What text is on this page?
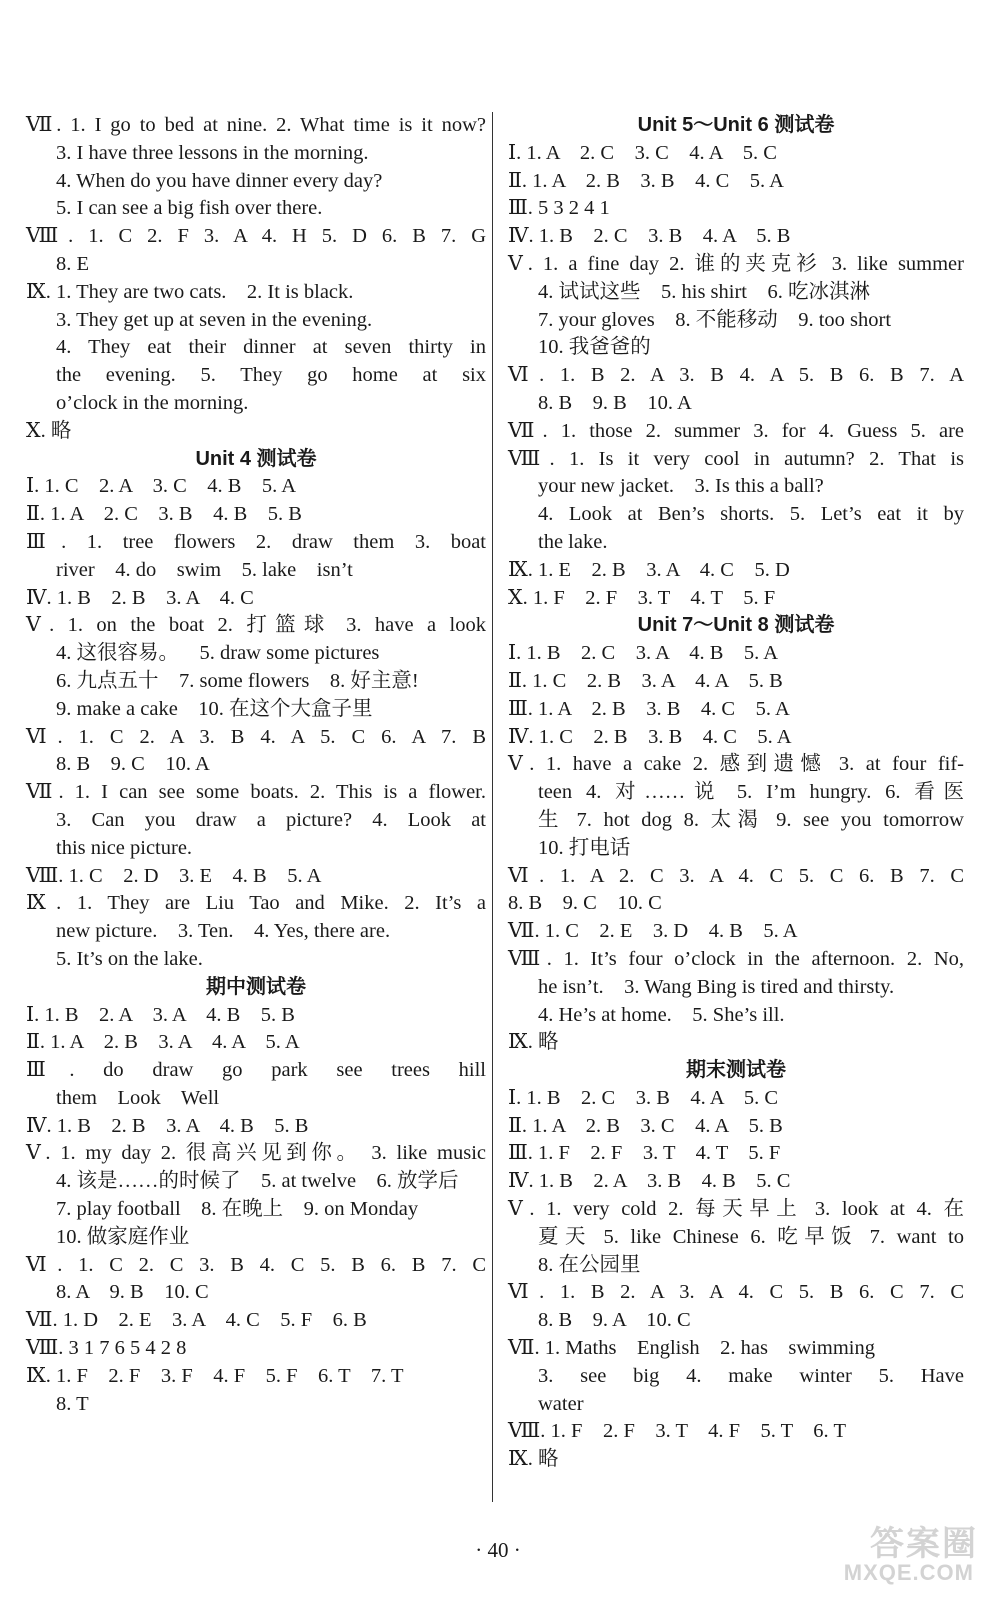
Ⅶ. 1. I go to bed at nine. 2. What time is it now?
3. I have three lessons in the morning.
4. When do you have dinner every day?
5. I can see a big fish over there.
Ⅷ. 1. C 2. F 3. A 4. H 5. D 6. B 7. G
8. E
Ⅸ. 1. They are two cats.    2. It is black.
3. They get up at seven in the evening.
4. They eat their dinner at seven thirty in
the evening. 5. They go home at six
o’clock in the morning.
Ⅹ. 略
Unit 4 测试卷
Ⅰ. 1. C    2. A    3. C    4. B    5. A
Ⅱ. 1. A    2. C    3. B    4. B    5. B
Ⅲ. 1. tree flowers 2. draw them 3. boat
river    4. do    swim    5. lake    isn’t
Ⅳ. 1. B    2. B    3. A    4. C
Ⅴ. 1. on the boat 2. 打篮球 3. have a look
4. 这很容易。    5. draw some pictures
6. 九点五十    7. some flowers    8. 好主意!
9. make a cake    10. 在这个大盒子里
Ⅵ. 1. C 2. A 3. B 4. A 5. C 6. A 7. B
8. B    9. C    10. A
Ⅶ. 1. I can see some boats. 2. This is a flower.
3. Can you draw a picture? 4. Look at
this nice picture.
Ⅷ. 1. C    2. D    3. E    4. B    5. A
Ⅸ. 1. They are Liu Tao and Mike. 2. It’s a
new picture.    3. Ten.    4. Yes, there are.
5. It’s on the lake.
期中测试卷
Ⅰ. 1. B    2. A    3. A    4. B    5. B
Ⅱ. 1. A    2. B    3. A    4. A    5. A
Ⅲ. do draw go park see trees hill
them    Look    Well
Ⅳ. 1. B    2. B    3. A    4. B    5. B
Ⅴ. 1. my day 2. 很高兴见到你。 3. like music
4. 该是……的时候了    5. at twelve    6. 放学后
7. play football    8. 在晚上    9. on Monday
10. 做家庭作业
Ⅵ. 1. C 2. C 3. B 4. C 5. B 6. B 7. C
8. A    9. B    10. C
Ⅶ. 1. D    2. E    3. A    4. C    5. F    6. B
Ⅷ. 3 1 7 6 5 4 2 8
Ⅸ. 1. F    2. F    3. F    4. F    5. F    6. T    7. T
8. T
Unit 5～Unit 6 测试卷
Ⅰ. 1. A    2. C    3. C    4. A    5. C
Ⅱ. 1. A    2. B    3. B    4. C    5. A
Ⅲ. 5 3 2 4 1
Ⅳ. 1. B    2. C    3. B    4. A    5. B
Ⅴ. 1. a fine day 2. 谁的夹克衫 3. like summer
4. 试试这些    5. his shirt    6. 吃冰淇淋
7. your gloves    8. 不能移动    9. too short
10. 我爸爸的
Ⅵ. 1. B 2. A 3. B 4. A 5. B 6. B 7. A
8. B    9. B    10. A
Ⅶ. 1. those 2. summer 3. for 4. Guess 5. are
Ⅷ. 1. Is it very cool in autumn? 2. That is
your new jacket.    3. Is this a ball?
4. Look at Ben’s shorts. 5. Let’s eat it by
the lake.
Ⅸ. 1. E    2. B    3. A    4. C    5. D
Ⅹ. 1. F    2. F    3. T    4. T    5. F
Unit 7～Unit 8 测试卷
Ⅰ. 1. B    2. C    3. A    4. B    5. A
Ⅱ. 1. C    2. B    3. A    4. A    5. B
Ⅲ. 1. A    2. B    3. B    4. C    5. A
Ⅳ. 1. C    2. B    3. B    4. C    5. A
Ⅴ. 1. have a cake 2. 感到遗憾 3. at four fif-
teen 4. 对……说 5. I’m hungry. 6. 看医
生 7. hot dog 8. 太渴 9. see you tomorrow
10. 打电话
Ⅵ. 1. A 2. C 3. A 4. C 5. C 6. B 7. C
8. B    9. C    10. C
Ⅶ. 1. C    2. E    3. D    4. B    5. A
Ⅷ. 1. It’s four o’clock in the afternoon. 2. No,
he isn’t.    3. Wang Bing is tired and thirsty.
4. He’s at home.    5. She’s ill.
Ⅸ. 略
期末测试卷
Ⅰ. 1. B    2. C    3. B    4. A    5. C
Ⅱ. 1. A    2. B    3. C    4. A    5. B
Ⅲ. 1. F    2. F    3. T    4. T    5. F
Ⅳ. 1. B    2. A    3. B    4. B    5. C
Ⅴ. 1. very cold 2. 每天早上 3. look at 4. 在
夏天 5. like Chinese 6. 吃早饭 7. want to
8. 在公园里
Ⅵ. 1. B 2. A 3. A 4. C 5. B 6. C 7. C
8. B    9. A    10. C
Ⅶ. 1. Maths    English    2. has    swimming
3. see big 4. make winter 5. Have
water
Ⅷ. 1. F    2. F    3. T    4. F    5. T    6. T
Ⅸ. 略
· 40 ·	答案圈
MXQE.COM
